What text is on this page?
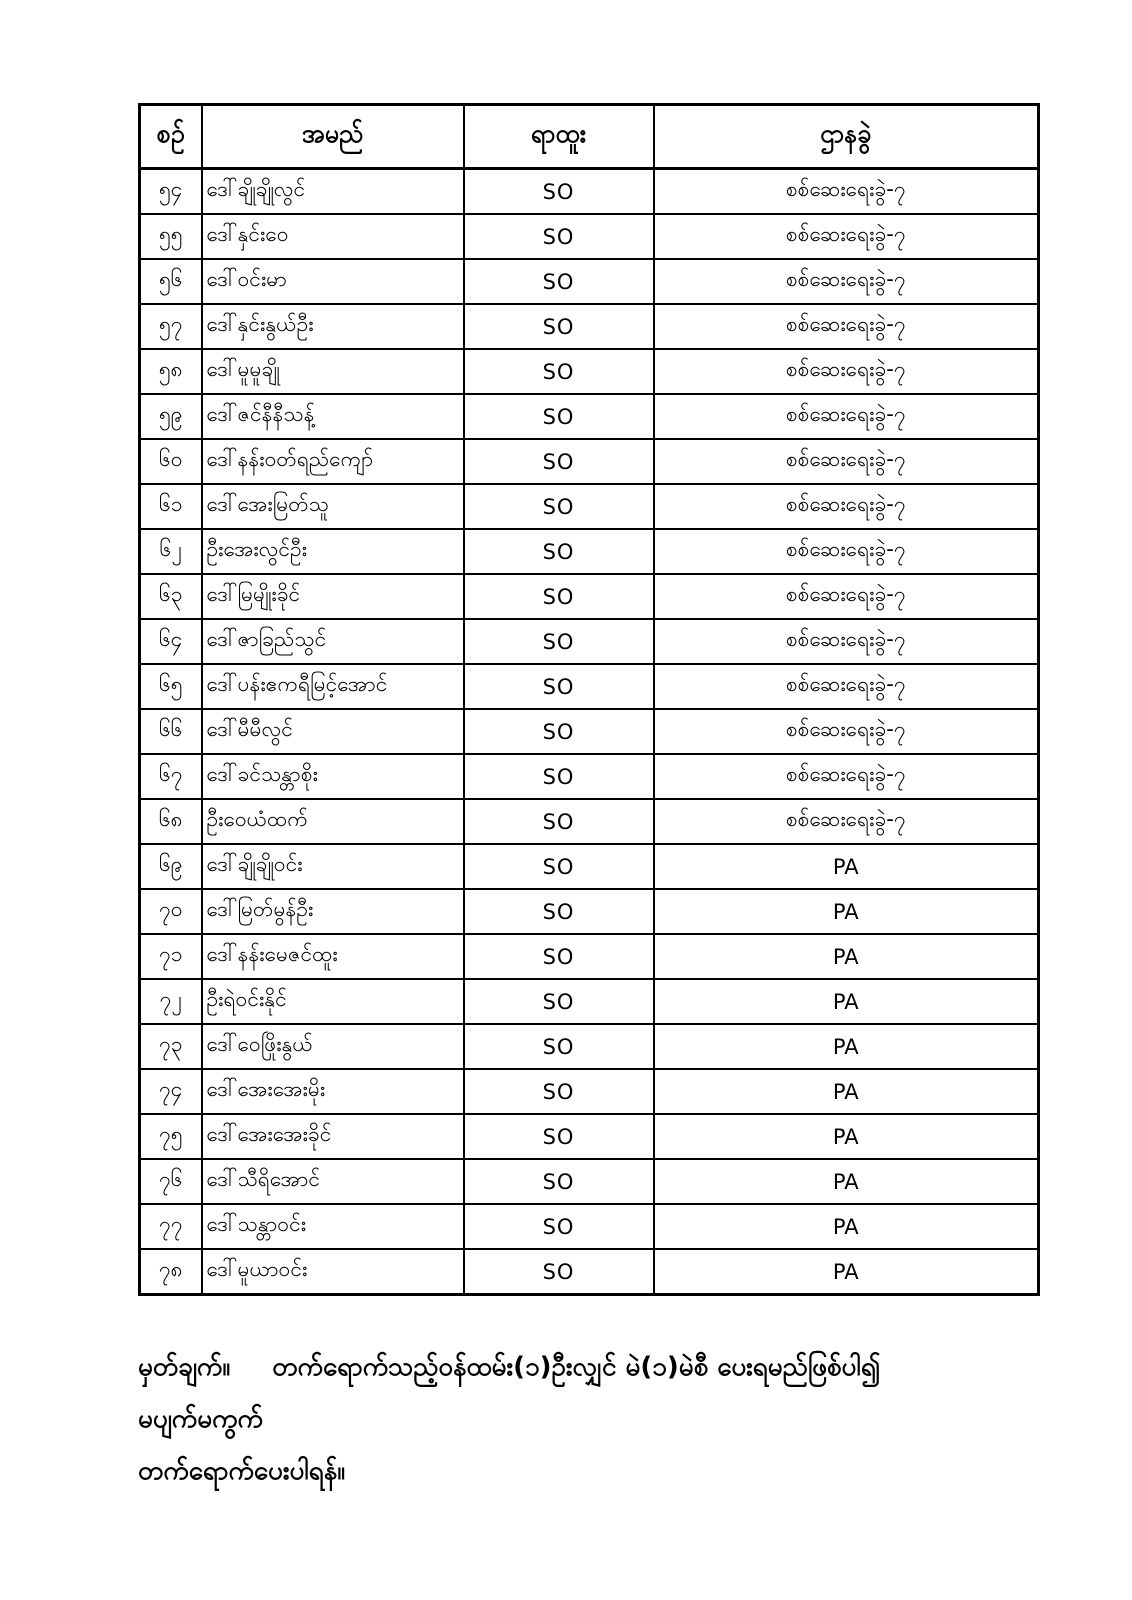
စဉ်	အမည်	ရာထူး	ဌာနခွဲ
၅၄	ဒေါ်ချိုချိုလွင်	SO	စစ်ဆေးရေးခွဲ-၇
၅၅	ဒေါ်နှင်းဝေ	SO	စစ်ဆေးရေးခွဲ-၇
၅၆	ဒေါ်ဝင်းမာ	SO	စစ်ဆေးရေးခွဲ-၇
၅၇	ဒေါ်နှင်းနွယ်ဦး	SO	စစ်ဆေးရေးခွဲ-၇
၅၈	ဒေါ်မူမူချို	SO	စစ်ဆေးရေးခွဲ-၇
၅၉	ဒေါ်ဇင်နီနီသန့်	SO	စစ်ဆေးရေးခွဲ-၇
၆၀	ဒေါ်နန်းဝတ်ရည်ကျော်	SO	စစ်ဆေးရေးခွဲ-၇
၆၁	ဒေါ်အေးမြတ်သူ	SO	စစ်ဆေးရေးခွဲ-၇
၆၂	ဦးအေးလွင်ဦး	SO	စစ်ဆေးရေးခွဲ-၇
၆၃	ဒေါ်မြမျိုးခိုင်	SO	စစ်ဆေးရေးခွဲ-၇
၆၄	ဒေါ်ဇာခြည်သွင်	SO	စစ်ဆေးရေးခွဲ-၇
၆၅	ဒေါ်ပန်းဧကရီမြင့်အောင်	SO	စစ်ဆေးရေးခွဲ-၇
၆၆	ဒေါ်မီမီလွင်	SO	စစ်ဆေးရေးခွဲ-၇
၆၇	ဒေါ်ခင်သန္တာစိုး	SO	စစ်ဆေးရေးခွဲ-၇
၆၈	ဦးဝေယံထက်	SO	စစ်ဆေးရေးခွဲ-၇
၆၉	ဒေါ်ချိုချိုဝင်း	SO	PA
၇၀	ဒေါ်မြတ်မွန်ဦး	SO	PA
၇၁	ဒေါ်နန်းမေဇင်ထူး	SO	PA
၇၂	ဦးရဲဝင်းနိုင်	SO	PA
၇၃	ဒေါ်ဝေဖြိုးနွယ်	SO	PA
၇၄	ဒေါ်အေးအေးမိုး	SO	PA
၇၅	ဒေါ်အေးအေးခိုင်	SO	PA
၇၆	ဒေါ်သီရိအောင်	SO	PA
၇၇	ဒေါ်သန္တာဝင်း	SO	PA
၇၈	ဒေါ်မူယာဝင်း	SO	PA
မှတ်ချက်။ တက်ရောက်သည့်ဝန်ထမ်း(၁)ဦးလျှင် မဲ(၁)မဲစီ ပေးရမည်ဖြစ်ပါ၍ မပျက်မကွက်
တက်ရောက်ပေးပါရန်။
